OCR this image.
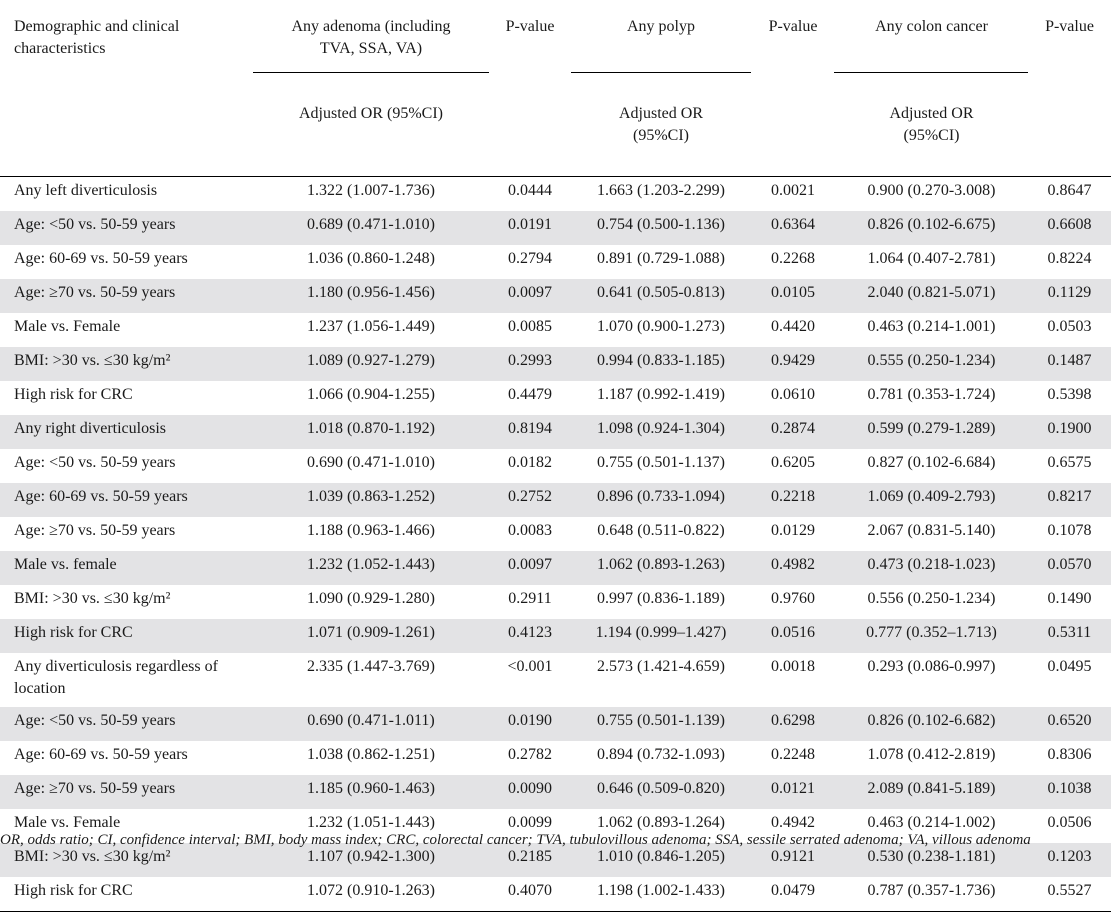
Demographic and clinical characteristics	Any adenoma (including TVA, SSA, VA)	P-value	Any polyp	P-value	Any colon cancer	P-value
	Adjusted OR (95%CI)		Adjusted OR (95%CI)		Adjusted OR (95%CI)	
Any left diverticulosis	1.322 (1.007-1.736)	0.0444	1.663 (1.203-2.299)	0.0021	0.900 (0.270-3.008)	0.8647
Age: <50 vs. 50-59 years	0.689 (0.471-1.010)	0.0191	0.754 (0.500-1.136)	0.6364	0.826 (0.102-6.675)	0.6608
Age: 60-69 vs. 50-59 years	1.036 (0.860-1.248)	0.2794	0.891 (0.729-1.088)	0.2268	1.064 (0.407-2.781)	0.8224
Age: ≥70 vs. 50-59 years	1.180 (0.956-1.456)	0.0097	0.641 (0.505-0.813)	0.0105	2.040 (0.821-5.071)	0.1129
Male vs. Female	1.237 (1.056-1.449)	0.0085	1.070 (0.900-1.273)	0.4420	0.463 (0.214-1.001)	0.0503
BMI: >30 vs. ≤30 kg/m²	1.089 (0.927-1.279)	0.2993	0.994 (0.833-1.185)	0.9429	0.555 (0.250-1.234)	0.1487
High risk for CRC	1.066 (0.904-1.255)	0.4479	1.187 (0.992-1.419)	0.0610	0.781 (0.353-1.724)	0.5398
Any right diverticulosis	1.018 (0.870-1.192)	0.8194	1.098 (0.924-1.304)	0.2874	0.599 (0.279-1.289)	0.1900
Age: <50 vs. 50-59 years	0.690 (0.471-1.010)	0.0182	0.755 (0.501-1.137)	0.6205	0.827 (0.102-6.684)	0.6575
Age: 60-69 vs. 50-59 years	1.039 (0.863-1.252)	0.2752	0.896 (0.733-1.094)	0.2218	1.069 (0.409-2.793)	0.8217
Age: ≥70 vs. 50-59 years	1.188 (0.963-1.466)	0.0083	0.648 (0.511-0.822)	0.0129	2.067 (0.831-5.140)	0.1078
Male vs. female	1.232 (1.052-1.443)	0.0097	1.062 (0.893-1.263)	0.4982	0.473 (0.218-1.023)	0.0570
BMI: >30 vs. ≤30 kg/m²	1.090 (0.929-1.280)	0.2911	0.997 (0.836-1.189)	0.9760	0.556 (0.250-1.234)	0.1490
High risk for CRC	1.071 (0.909-1.261)	0.4123	1.194 (0.999–1.427)	0.0516	0.777 (0.352–1.713)	0.5311
Any diverticulosis regardless of location	2.335 (1.447-3.769)	<0.001	2.573 (1.421-4.659)	0.0018	0.293 (0.086-0.997)	0.0495
Age: <50 vs. 50-59 years	0.690 (0.471-1.011)	0.0190	0.755 (0.501-1.139)	0.6298	0.826 (0.102-6.682)	0.6520
Age: 60-69 vs. 50-59 years	1.038 (0.862-1.251)	0.2782	0.894 (0.732-1.093)	0.2248	1.078 (0.412-2.819)	0.8306
Age: ≥70 vs. 50-59 years	1.185 (0.960-1.463)	0.0090	0.646 (0.509-0.820)	0.0121	2.089 (0.841-5.189)	0.1038
Male vs. Female	1.232 (1.051-1.443)	0.0099	1.062 (0.893-1.264)	0.4942	0.463 (0.214-1.002)	0.0506
BMI: >30 vs. ≤30 kg/m²	1.107 (0.942-1.300)	0.2185	1.010 (0.846-1.205)	0.9121	0.530 (0.238-1.181)	0.1203
High risk for CRC	1.072 (0.910-1.263)	0.4070	1.198 (1.002-1.433)	0.0479	0.787 (0.357-1.736)	0.5527
OR, odds ratio; CI, confidence interval; BMI, body mass index; CRC, colorectal cancer; TVA, tubulovillous adenoma; SSA, sessile serrated adenoma; VA, villous adenoma
